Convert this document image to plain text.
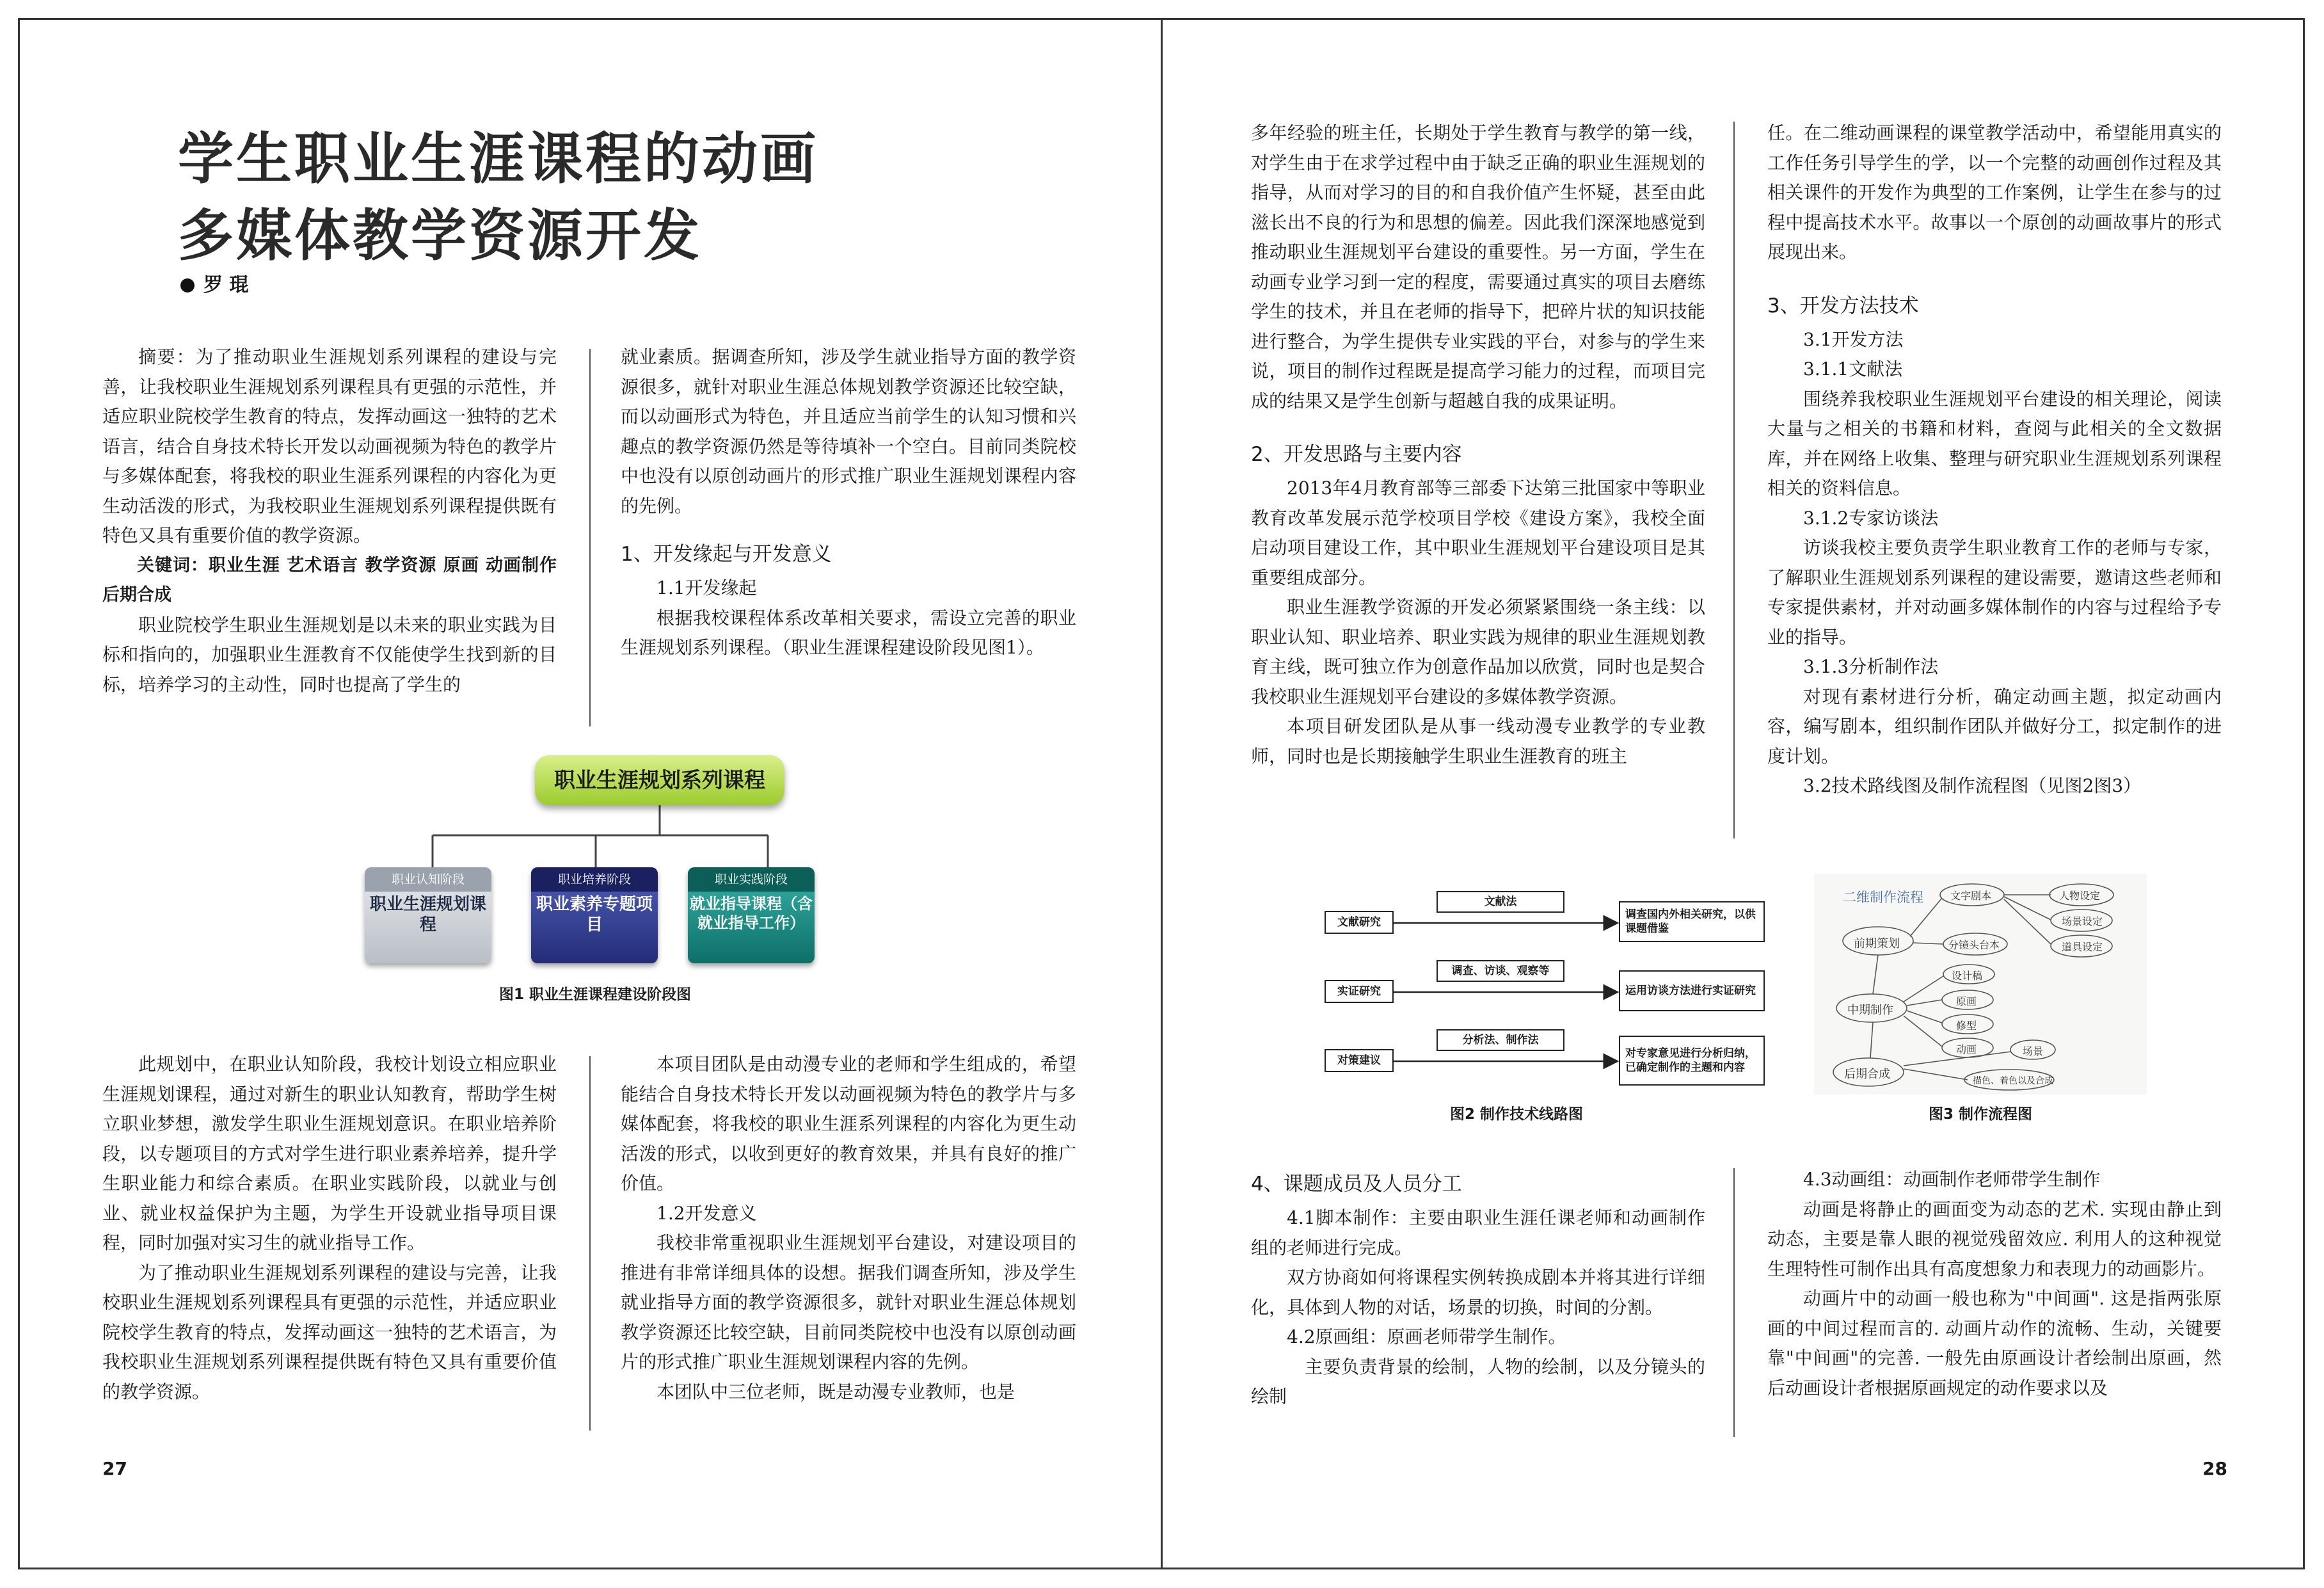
学生职业生涯课程的动画
多媒体教学资源开发
罗 琨

摘要：为了推动职业生涯规划系列课程的建设与完善，让我校职业生涯规划系列课程具有更强的示范性，并适应职业院校学生教育的特点，发挥动画这一独特的艺术语言，结合自身技术特长开发以动画视频为特色的教学片与多媒体配套，将我校的职业生涯系列课程的内容化为更生动活泼的形式，为我校职业生涯规划系列课程提供既有特色又具有重要价值的教学资源。

关键词：职业生涯 艺术语言 教学资源 原画 动画制作 后期合成

职业院校学生职业生涯规划是以未来的职业实践为目标和指向的，加强职业生涯教育不仅能使学生找到新的目标，培养学习的主动性，同时也提高了学生的

就业素质。据调查所知，涉及学生就业指导方面的教学资源很多，就针对职业生涯总体规划教学资源还比较空缺，而以动画形式为特色，并且适应当前学生的认知习惯和兴趣点的教学资源仍然是等待填补一个空白。目前同类院校中也没有以原创动画片的形式推广职业生涯规划课程内容的先例。

1、开发缘起与开发意义

1.1开发缘起

根据我校课程体系改革相关要求，需设立完善的职业生涯规划系列课程。（职业生涯课程建设阶段见图1）。

职业生涯规划系列课程
职业认知阶段
职业生涯规划课程
职业培养阶段
职业素养专题项目
职业实践阶段
就业指导课程（含就业指导工作）
图1 职业生涯课程建设阶段图

此规划中，在职业认知阶段，我校计划设立相应职业生涯规划课程，通过对新生的职业认知教育，帮助学生树立职业梦想，激发学生职业生涯规划意识。在职业培养阶段，以专题项目的方式对学生进行职业素养培养，提升学生职业能力和综合素质。在职业实践阶段，以就业与创业、就业权益保护为主题，为学生开设就业指导项目课程，同时加强对实习生的就业指导工作。

为了推动职业生涯规划系列课程的建设与完善，让我校职业生涯规划系列课程具有更强的示范性，并适应职业院校学生教育的特点，发挥动画这一独特的艺术语言，为我校职业生涯规划系列课程提供既有特色又具有重要价值的教学资源。

本项目团队是由动漫专业的老师和学生组成的，希望能结合自身技术特长开发以动画视频为特色的教学片与多媒体配套，将我校的职业生涯系列课程的内容化为更生动活泼的形式，以收到更好的教育效果，并具有良好的推广价值。

1.2开发意义

我校非常重视职业生涯规划平台建设，对建设项目的推进有非常详细具体的设想。据我们调查所知，涉及学生就业指导方面的教学资源很多，就针对职业生涯总体规划教学资源还比较空缺，目前同类院校中也没有以原创动画片的形式推广职业生涯规划课程内容的先例。

本团队中三位老师，既是动漫专业教师，也是

27

多年经验的班主任，长期处于学生教育与教学的第一线，对学生由于在求学过程中由于缺乏正确的职业生涯规划的指导，从而对学习的目的和自我价值产生怀疑，甚至由此滋长出不良的行为和思想的偏差。因此我们深深地感觉到推动职业生涯规划平台建设的重要性。另一方面，学生在动画专业学习到一定的程度，需要通过真实的项目去磨练学生的技术，并且在老师的指导下，把碎片状的知识技能进行整合，为学生提供专业实践的平台，对参与的学生来说，项目的制作过程既是提高学习能力的过程，而项目完成的结果又是学生创新与超越自我的成果证明。

2、开发思路与主要内容

2013年4月教育部等三部委下达第三批国家中等职业教育改革发展示范学校项目学校《建设方案》，我校全面启动项目建设工作，其中职业生涯规划平台建设项目是其重要组成部分。

职业生涯教学资源的开发必须紧紧围绕一条主线：以职业认知、职业培养、职业实践为规律的职业生涯规划教育主线，既可独立作为创意作品加以欣赏，同时也是契合我校职业生涯规划平台建设的多媒体教学资源。

本项目研发团队是从事一线动漫专业教学的专业教师，同时也是长期接触学生职业生涯教育的班主

任。在二维动画课程的课堂教学活动中，希望能用真实的工作任务引导学生的学，以一个完整的动画创作过程及其相关课件的开发作为典型的工作案例，让学生在参与的过程中提高技术水平。故事以一个原创的动画故事片的形式展现出来。

3、开发方法技术

3.1开发方法

3.1.1文献法

围绕养我校职业生涯规划平台建设的相关理论，阅读大量与之相关的书籍和材料，查阅与此相关的全文数据库，并在网络上收集、整理与研究职业生涯规划系列课程相关的资料信息。

3.1.2专家访谈法

访谈我校主要负责学生职业教育工作的老师与专家，了解职业生涯规划系列课程的建设需要，邀请这些老师和专家提供素材，并对动画多媒体制作的内容与过程给予专业的指导。

3.1.3分析制作法

对现有素材进行分析，确定动画主题，拟定动画内容，编写剧本，组织制作团队并做好分工，拟定制作的进度计划。

3.2技术路线图及制作流程图（见图2图3）

文献研究
文献法
调查国内外相关研究，以供课题借鉴
实证研究
调查、访谈、观察等
运用访谈方法进行实证研究
对策建议
分析法、制作法
对专家意见进行分析归纳，已确定制作的主题和内容
图2 制作技术线路图
二维制作流程
前期策划
中期制作
后期合成
文字剧本
分镜头台本
人物设定
场景设定
道具设定
设计稿
原画
修型
动画	场景
描色、着色以及合成
图3 制作流程图
4、课题成员及人员分工

4.1脚本制作：主要由职业生涯任课老师和动画制作组的老师进行完成。

双方协商如何将课程实例转换成剧本并将其进行详细化，具体到人物的对话，场景的切换，时间的分割。

4.2原画组：原画老师带学生制作。

主要负责背景的绘制，人物的绘制，以及分镜头的绘制

4.3动画组：动画制作老师带学生制作

动画是将静止的画面变为动态的艺术. 实现由静止到动态，主要是靠人眼的视觉残留效应. 利用人的这种视觉生理特性可制作出具有高度想象力和表现力的动画影片。

动画片中的动画一般也称为"中间画". 这是指两张原画的中间过程而言的. 动画片动作的流畅、生动，关键要靠"中间画"的完善. 一般先由原画设计者绘制出原画，然后动画设计者根据原画规定的动作要求以及

28
